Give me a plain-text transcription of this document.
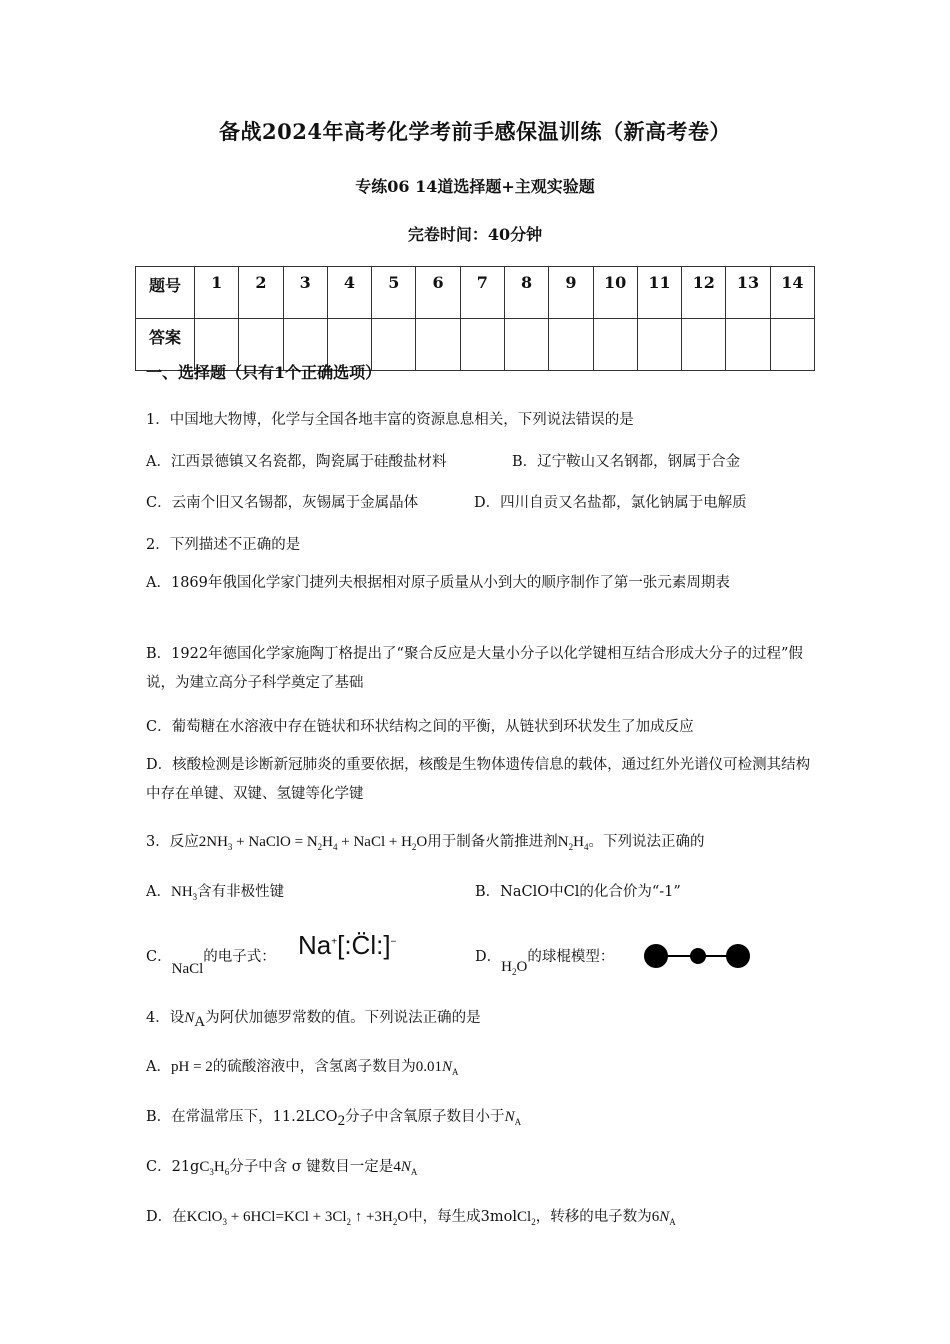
备战2024年高考化学考前手感保温训练（新高考卷）
专练06 14道选择题+主观实验题
完卷时间：40分钟
题号	1	2	3	4	5	6	7	8	9	10	11	12	13	14
答案														
一、选择题（只有1个正确选项）
1．中国地大物博，化学与全国各地丰富的资源息息相关，下列说法错误的是
A．江西景德镇又名瓷都，陶瓷属于硅酸盐材料	B．辽宁鞍山又名钢都，钢属于合金
C．云南个旧又名锡都，灰锡属于金属晶体	D．四川自贡又名盐都，氯化钠属于电解质
2．下列描述不正确的是
A．1869年俄国化学家门捷列夫根据相对原子质量从小到大的顺序制作了第一张元素周期表
B．1922年德国化学家施陶丁格提出了“聚合反应是大量小分子以化学键相互结合形成大分子的过程”假说，为建立高分子科学奠定了基础
C．葡萄糖在水溶液中存在链状和环状结构之间的平衡，从链状到环状发生了加成反应
D．核酸检测是诊断新冠肺炎的重要依据，核酸是生物体遗传信息的载体，通过红外光谱仪可检测其结构中存在单键、双键、氢键等化学键
3．反应$2NH_3$ + NaClO = $N_2H_4$ + NaCl + $H_2O$用于制备火箭推进剂$N_2H_4$。下列说法正确的
A．$NH_3$含有非极性键	B．NaClO中Cl的化合价为“-1”
C．NaCl的电子式： Na+[:C̈l:]−
D．$H_2O$的球棍模型：
4．设$N_A$为阿伏加德罗常数的值。下列说法正确的是
A．pH = 2的硫酸溶液中，含氢离子数目为$0.01N_A$
B．在常温常压下，$11.2LCO_2$分子中含氧原子数目小于$N_A$
C．$21gC_3H_6$分子中含 σ 键数目一定是$4N_A$
D．在KClO$_3$ + $6HCl=KCl + 3Cl_2$ ↑ $+3H_2O$中，每生成3molCl$_2$，转移的电子数为$6N_A$
